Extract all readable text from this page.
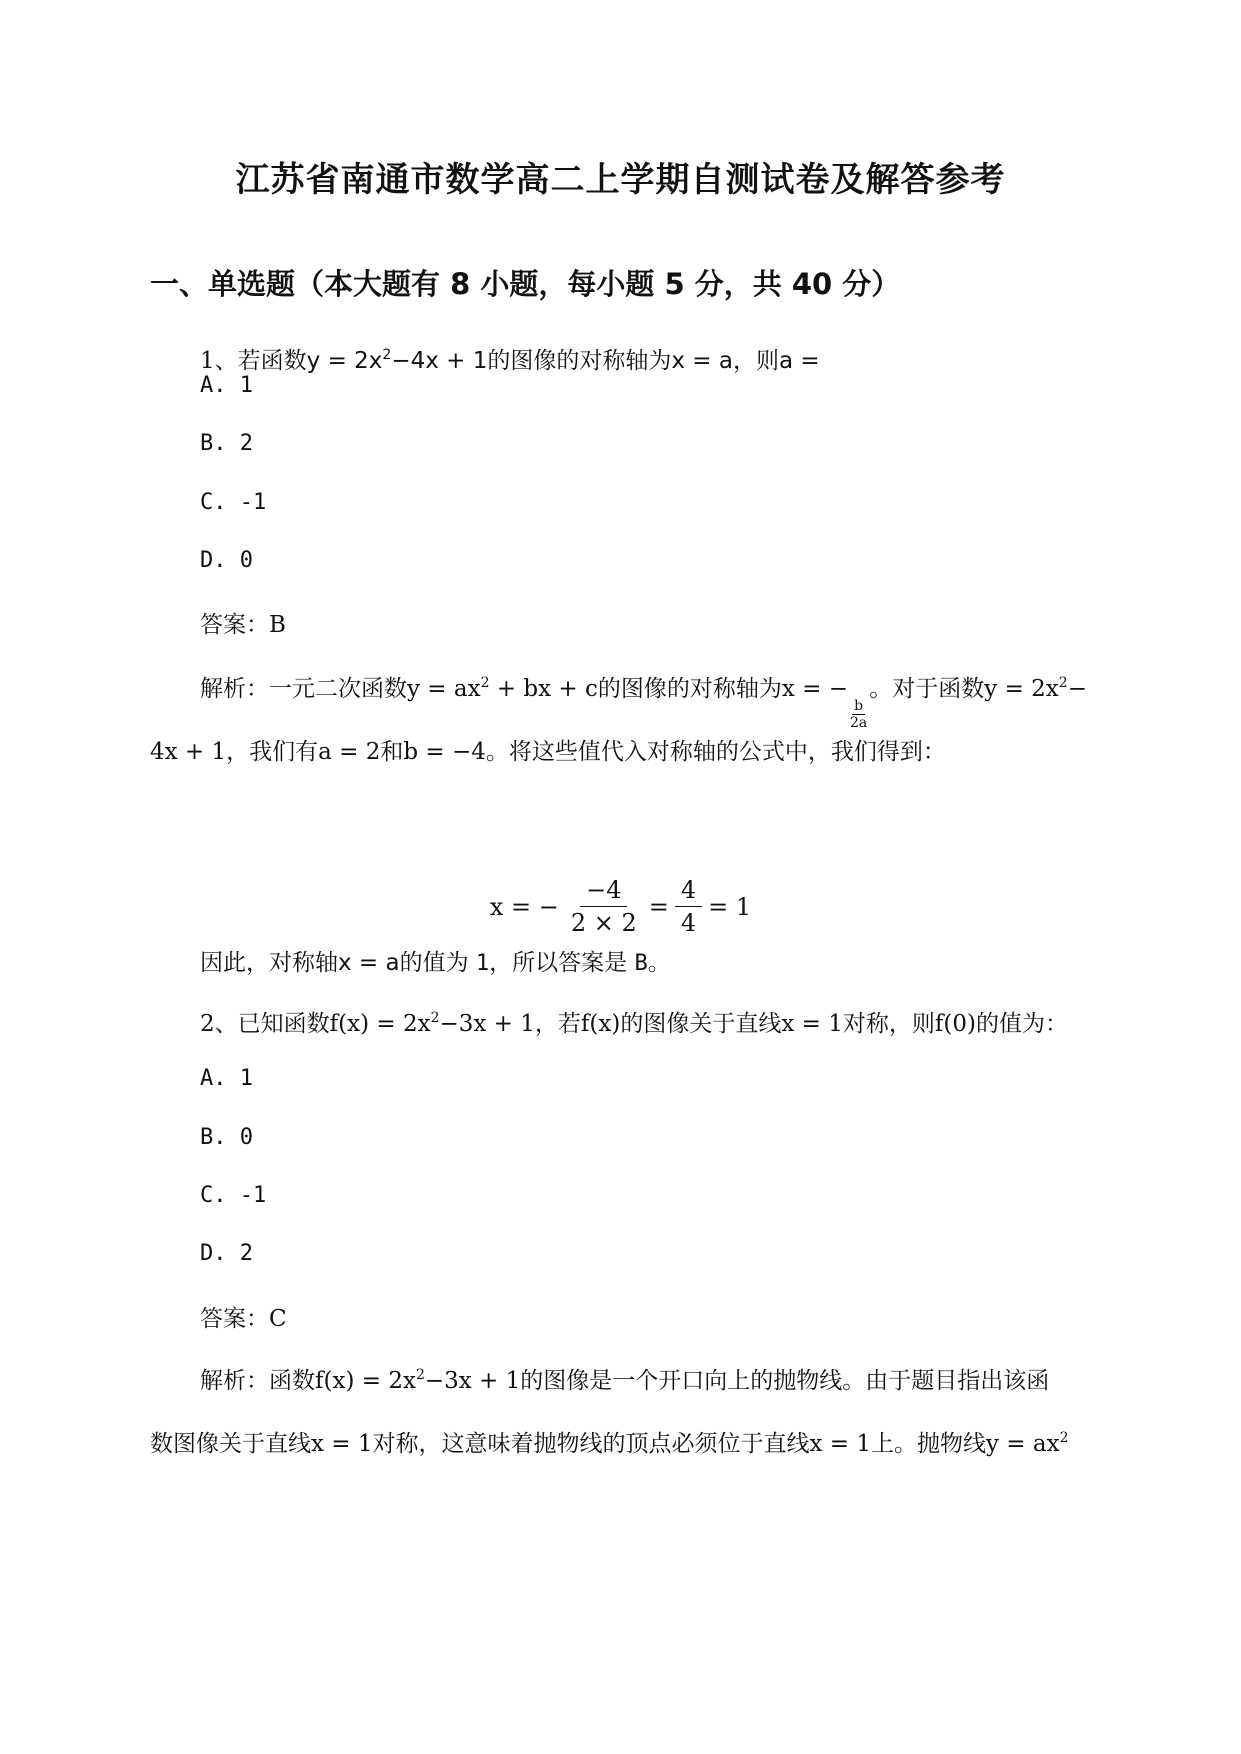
江苏省南通市数学高二上学期自测试卷及解答参考
一、单选题（本大题有 8 小题，每小题 5 分，共 40 分）
1、若函数$y = 2x^2-4x + 1$的图像的对称轴为x = a，则a =
A. 1
B. 2
C. -1
D. 0
答案：B
解析：一元二次函数$y = ax^2$ + bx + c的图像的对称轴为x = −
$\frac{b}{2a}$
。对于函数$y = 2x^2-$
4x + 1，我们有a = 2和b = −4。将这些值代入对称轴的公式中，我们得到：
x = − $\frac{-4}{2 \times 2} = \frac{4}{4} = 1$
因此，对称轴x = a的值为 1，所以答案是 B。
2、已知函数$f(x) = 2x^2-3x + 1$，若f(x)的图像关于直线x = 1对称，则f(0)的值为：
A. 1
B. 0
C. -1
D. 2
答案：C
解析：函数$f(x) = 2x^2-3x + 1$的图像是一个开口向上的抛物线。由于题目指出该函
数图像关于直线x = 1对称，这意味着抛物线的顶点必须位于直线x = 1上。抛物线$y = ax^2$
